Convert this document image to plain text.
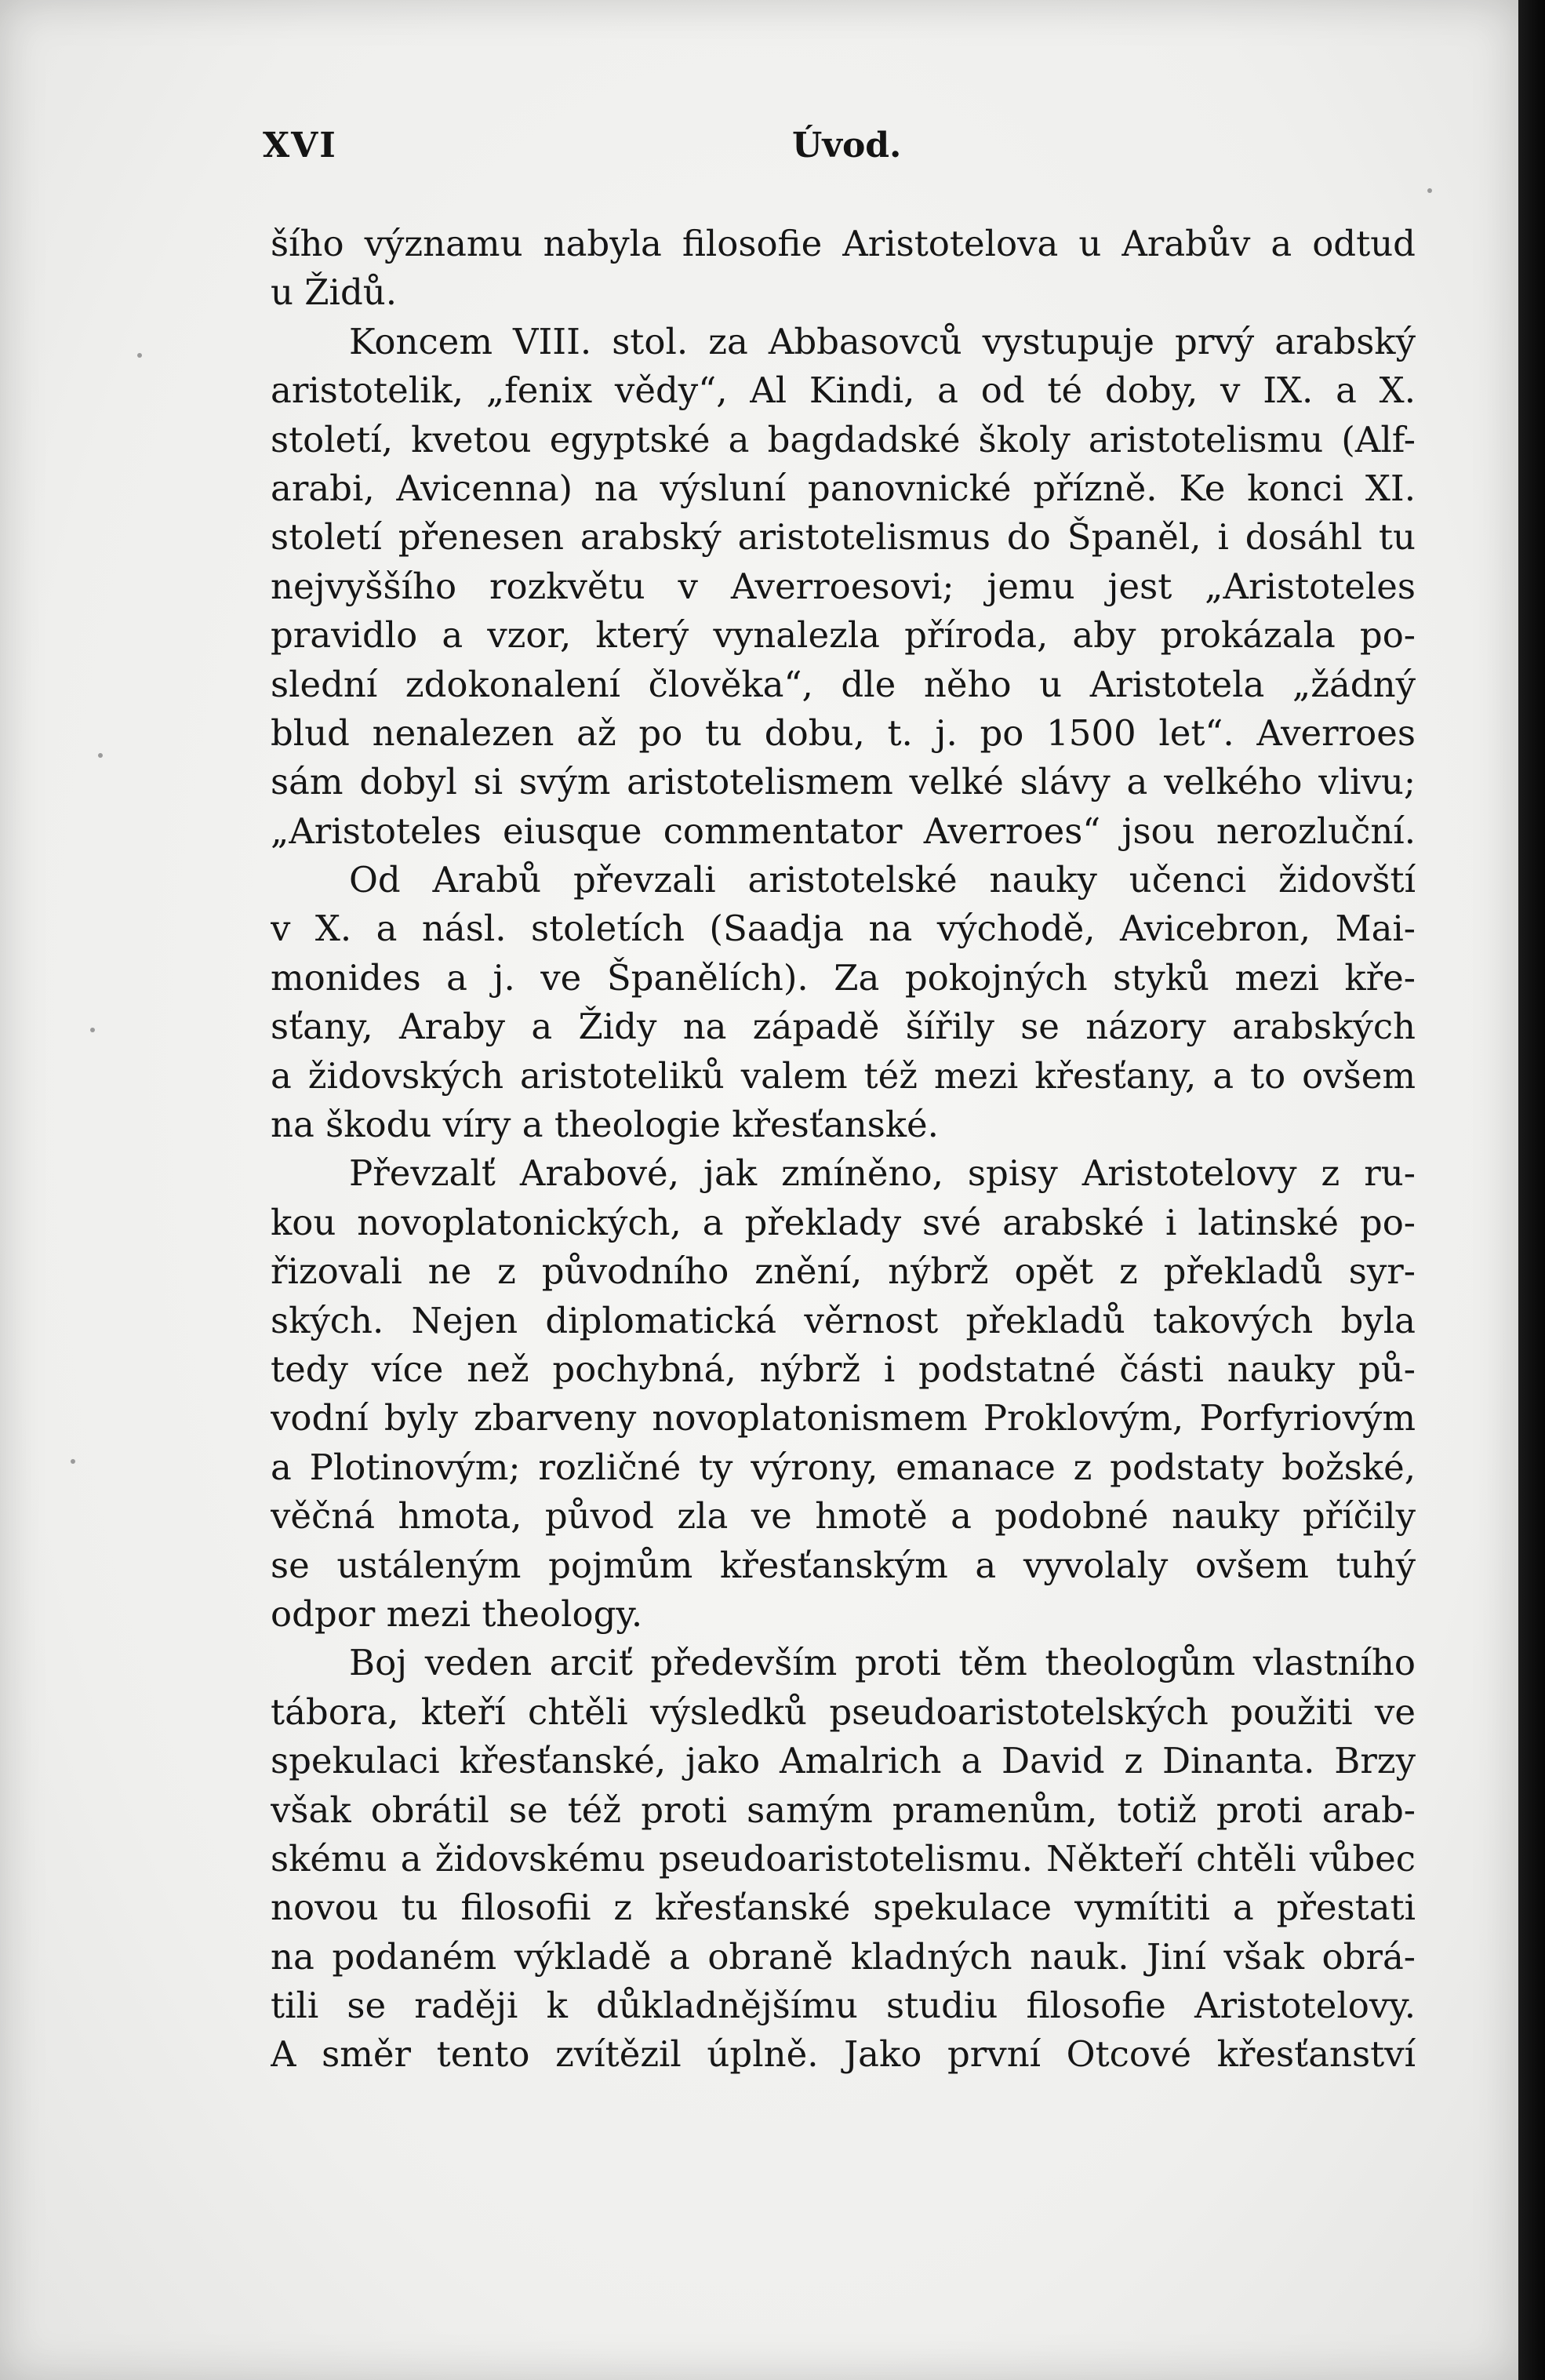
XVI	Úvod.
šího významu nabyla filosofie Aristotelova u Arabův a odtud
u Židů.
Koncem VIII. stol. za Abbasovců vystupuje prvý arabský
aristotelik, „fenix vědy“, Al Kindi, a od té doby, v IX. a X.
století, kvetou egyptské a bagdadské školy aristotelismu (Alf-
arabi, Avicenna) na výsluní panovnické přízně. Ke konci XI.
století přenesen arabský aristotelismus do Španěl, i dosáhl tu
nejvyššího rozkvětu v Averroesovi; jemu jest „Aristoteles
pravidlo a vzor, který vynalezla příroda, aby prokázala po-
slední zdokonalení člověka“, dle něho u Aristotela „žádný
blud nenalezen až po tu dobu, t. j. po 1500 let“. Averroes
sám dobyl si svým aristotelismem velké slávy a velkého vlivu;
„Aristoteles eiusque commentator Averroes“ jsou nerozluční.
Od Arabů převzali aristotelské nauky učenci židovští
v X. a násl. stoletích (Saadja na východě, Avicebron, Mai-
monides a j. ve Španělích). Za pokojných styků mezi kře-
sťany, Araby a Židy na západě šířily se názory arabských
a židovských aristoteliků valem též mezi křesťany, a to ovšem
na škodu víry a theologie křesťanské.
Převzalť Arabové, jak zmíněno, spisy Aristotelovy z ru-
kou novoplatonických, a překlady své arabské i latinské po-
řizovali ne z původního znění, nýbrž opět z překladů syr-
ských. Nejen diplomatická věrnost překladů takových byla
tedy více než pochybná, nýbrž i podstatné části nauky pů-
vodní byly zbarveny novoplatonismem Proklovým, Porfyriovým
a Plotinovým; rozličné ty výrony, emanace z podstaty božské,
věčná hmota, původ zla ve hmotě a podobné nauky příčily
se ustáleným pojmům křesťanským a vyvolaly ovšem tuhý
odpor mezi theology.
Boj veden arciť především proti těm theologům vlastního
tábora, kteří chtěli výsledků pseudoaristotelských použiti ve
spekulaci křesťanské, jako Amalrich a David z Dinanta. Brzy
však obrátil se též proti samým pramenům, totiž proti arab-
skému a židovskému pseudoaristotelismu. Někteří chtěli vůbec
novou tu filosofii z křesťanské spekulace vymítiti a přestati
na podaném výkladě a obraně kladných nauk. Jiní však obrá-
tili se raději k důkladnějšímu studiu filosofie Aristotelovy.
A směr tento zvítězil úplně. Jako první Otcové křesťanství
